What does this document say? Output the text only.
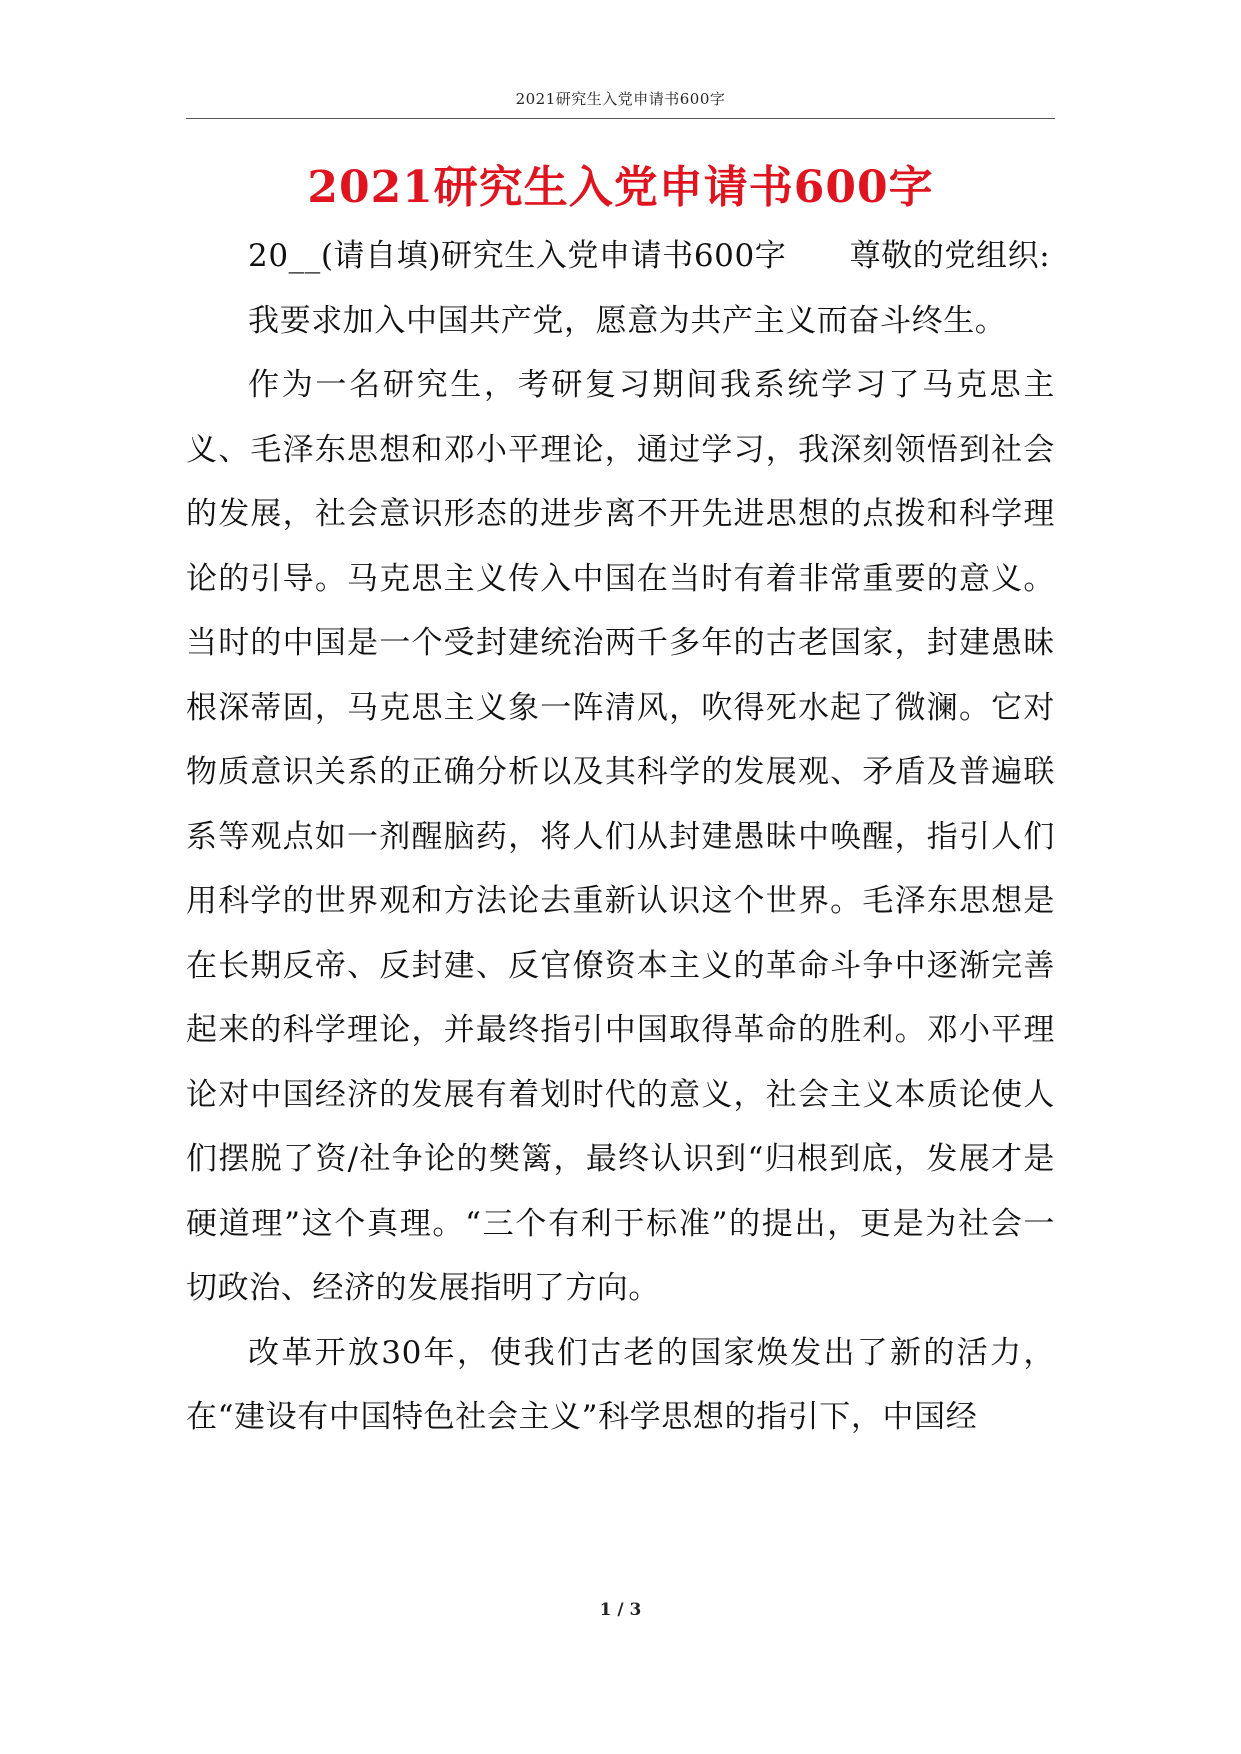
2021研究生入党申请书600字
2021研究生入党申请书600字

20__(请自填)研究生入党申请书600字　　尊敬的党组织:

我要求加入中国共产党，愿意为共产主义而奋斗终生。

作为一名研究生，考研复习期间我系统学习了马克思主义、毛泽东思想和邓小平理论，通过学习，我深刻领悟到社会的发展，社会意识形态的进步离不开先进思想的点拨和科学理论的引导。马克思主义传入中国在当时有着非常重要的意义。当时的中国是一个受封建统治两千多年的古老国家，封建愚昧根深蒂固，马克思主义象一阵清风，吹得死水起了微澜。它对物质意识关系的正确分析以及其科学的发展观、矛盾及普遍联系等观点如一剂醒脑药，将人们从封建愚昧中唤醒，指引人们用科学的世界观和方法论去重新认识这个世界。毛泽东思想是在长期反帝、反封建、反官僚资本主义的革命斗争中逐渐完善起来的科学理论，并最终指引中国取得革命的胜利。邓小平理论对中国经济的发展有着划时代的意义，社会主义本质论使人们摆脱了资/社争论的樊篱，最终认识到“归根到底，发展才是硬道理”这个真理。“三个有利于标准”的提出，更是为社会一切政治、经济的发展指明了方向。

改革开放30年，使我们古老的国家焕发出了新的活力，在“建设有中国特色社会主义”科学思想的指引下，中国经

1 / 3
